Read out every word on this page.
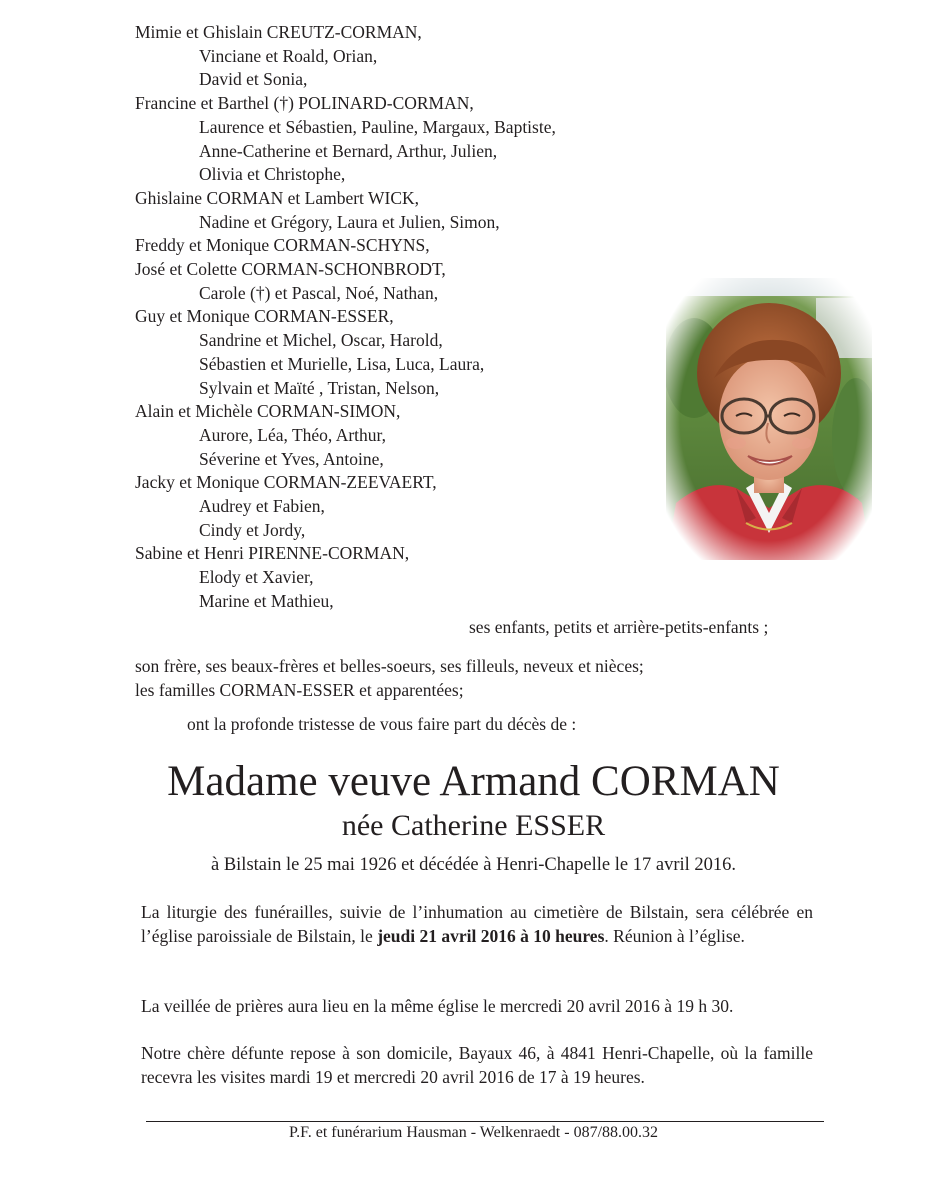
Mimie et Ghislain CREUTZ-CORMAN,
Vinciane et Roald, Orian,
David et Sonia,
Francine et Barthel (†) POLINARD-CORMAN,
Laurence et Sébastien, Pauline, Margaux, Baptiste,
Anne-Catherine et Bernard, Arthur, Julien,
Olivia et Christophe,
Ghislaine CORMAN et Lambert WICK,
Nadine et Grégory, Laura et Julien, Simon,
Freddy et Monique CORMAN-SCHYNS,
José et Colette CORMAN-SCHONBRODT,
Carole (†) et Pascal, Noé, Nathan,
Guy et Monique CORMAN-ESSER,
Sandrine et Michel, Oscar, Harold,
Sébastien et Murielle, Lisa, Luca, Laura,
Sylvain et Maïté , Tristan, Nelson,
Alain et Michèle CORMAN-SIMON,
Aurore, Léa, Théo, Arthur,
Séverine et Yves, Antoine,
Jacky et Monique CORMAN-ZEEVAERT,
Audrey et Fabien,
Cindy et Jordy,
Sabine et Henri PIRENNE-CORMAN,
Elody et Xavier,
Marine et Mathieu,
ses enfants, petits et arrière-petits-enfants ;
son frère, ses beaux-frères et belles-soeurs, ses filleuls, neveux et nièces;
les familles CORMAN-ESSER et apparentées;
ont la profonde tristesse de vous faire part du décès de :
Madame veuve Armand CORMAN
née Catherine ESSER
à Bilstain le 25 mai 1926 et décédée à Henri-Chapelle le 17 avril 2016.
La liturgie des funérailles, suivie de l’inhumation au cimetière de Bilstain, sera célébrée en l’église paroissiale de Bilstain, le jeudi 21 avril 2016 à 10 heures. Réunion à l’église.
La veillée de prières aura lieu en la même église le mercredi 20 avril 2016 à 19 h 30.
Notre chère défunte repose à son domicile, Bayaux 46, à 4841 Henri-Chapelle, où la famille recevra les visites mardi 19 et mercredi 20 avril 2016 de 17 à 19 heures.
P.F. et funérarium Hausman - Welkenraedt - 087/88.00.32
